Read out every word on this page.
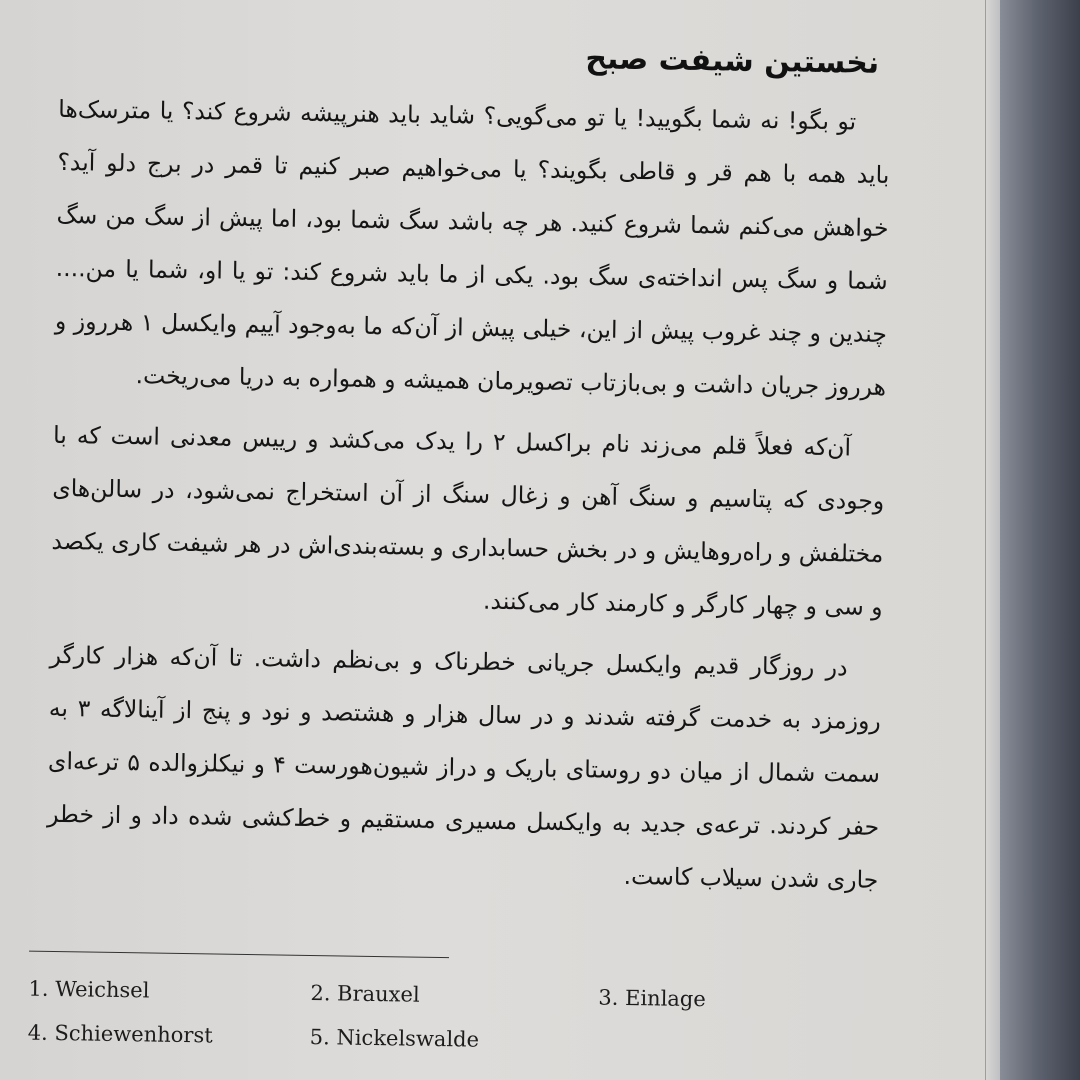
نخستین شیفت صبح

تو بگو! نه شما بگویید! یا تو می‌گویی؟ شاید باید هنرپیشه شروع کند؟ یا مترسک‌ها باید همه با هم قر و قاطی بگویند؟ یا می‌خواهیم صبر کنیم تا قمر در برج دلو آید؟ خواهش می‌کنم شما شروع کنید. هر چه باشد سگ شما بود، اما پیش از سگ من سگ شما و سگ پس انداخته‌ی سگ بود. یکی از ما باید شروع کند: تو یا او، شما یا من.... چندین و چند غروب پیش از این، خیلی پیش از آن‌که ما به‌وجود آییم وایکسل ۱ هرروز و هرروز جریان داشت و بی‌بازتاب تصویرمان همیشه و همواره به دریا می‌ریخت.

آن‌که فعلاً قلم می‌زند نام براکسل ۲ را یدک می‌کشد و رییس معدنی است که با وجودی که پتاسیم و سنگ آهن و زغال سنگ از آن استخراج نمی‌شود، در سالن‌های مختلفش و راه‌روهایش و در بخش حسابداری و بسته‌بندی‌اش در هر شیفت کاری یکصد و سی و چهار کارگر و کارمند کار می‌کنند.

در روزگار قدیم وایکسل جریانی خطرناک و بی‌نظم داشت. تا آن‌که هزار کارگر روزمزد به خدمت گرفته شدند و در سال هزار و هشتصد و نود و پنج از آینالاگه ۳ به سمت شمال از میان دو روستای باریک و دراز شیون‌هورست ۴ و نیکلزوالده ۵ ترعه‌ای حفر کردند. ترعه‌ی جدید به وایکسل مسیری مستقیم و خط‌کشی شده داد و از خطر جاری شدن سیلاب کاست.

1. Weichsel	2. Brauxel	3. Einlage
4. Schiewenhorst	5. Nickelswalde
